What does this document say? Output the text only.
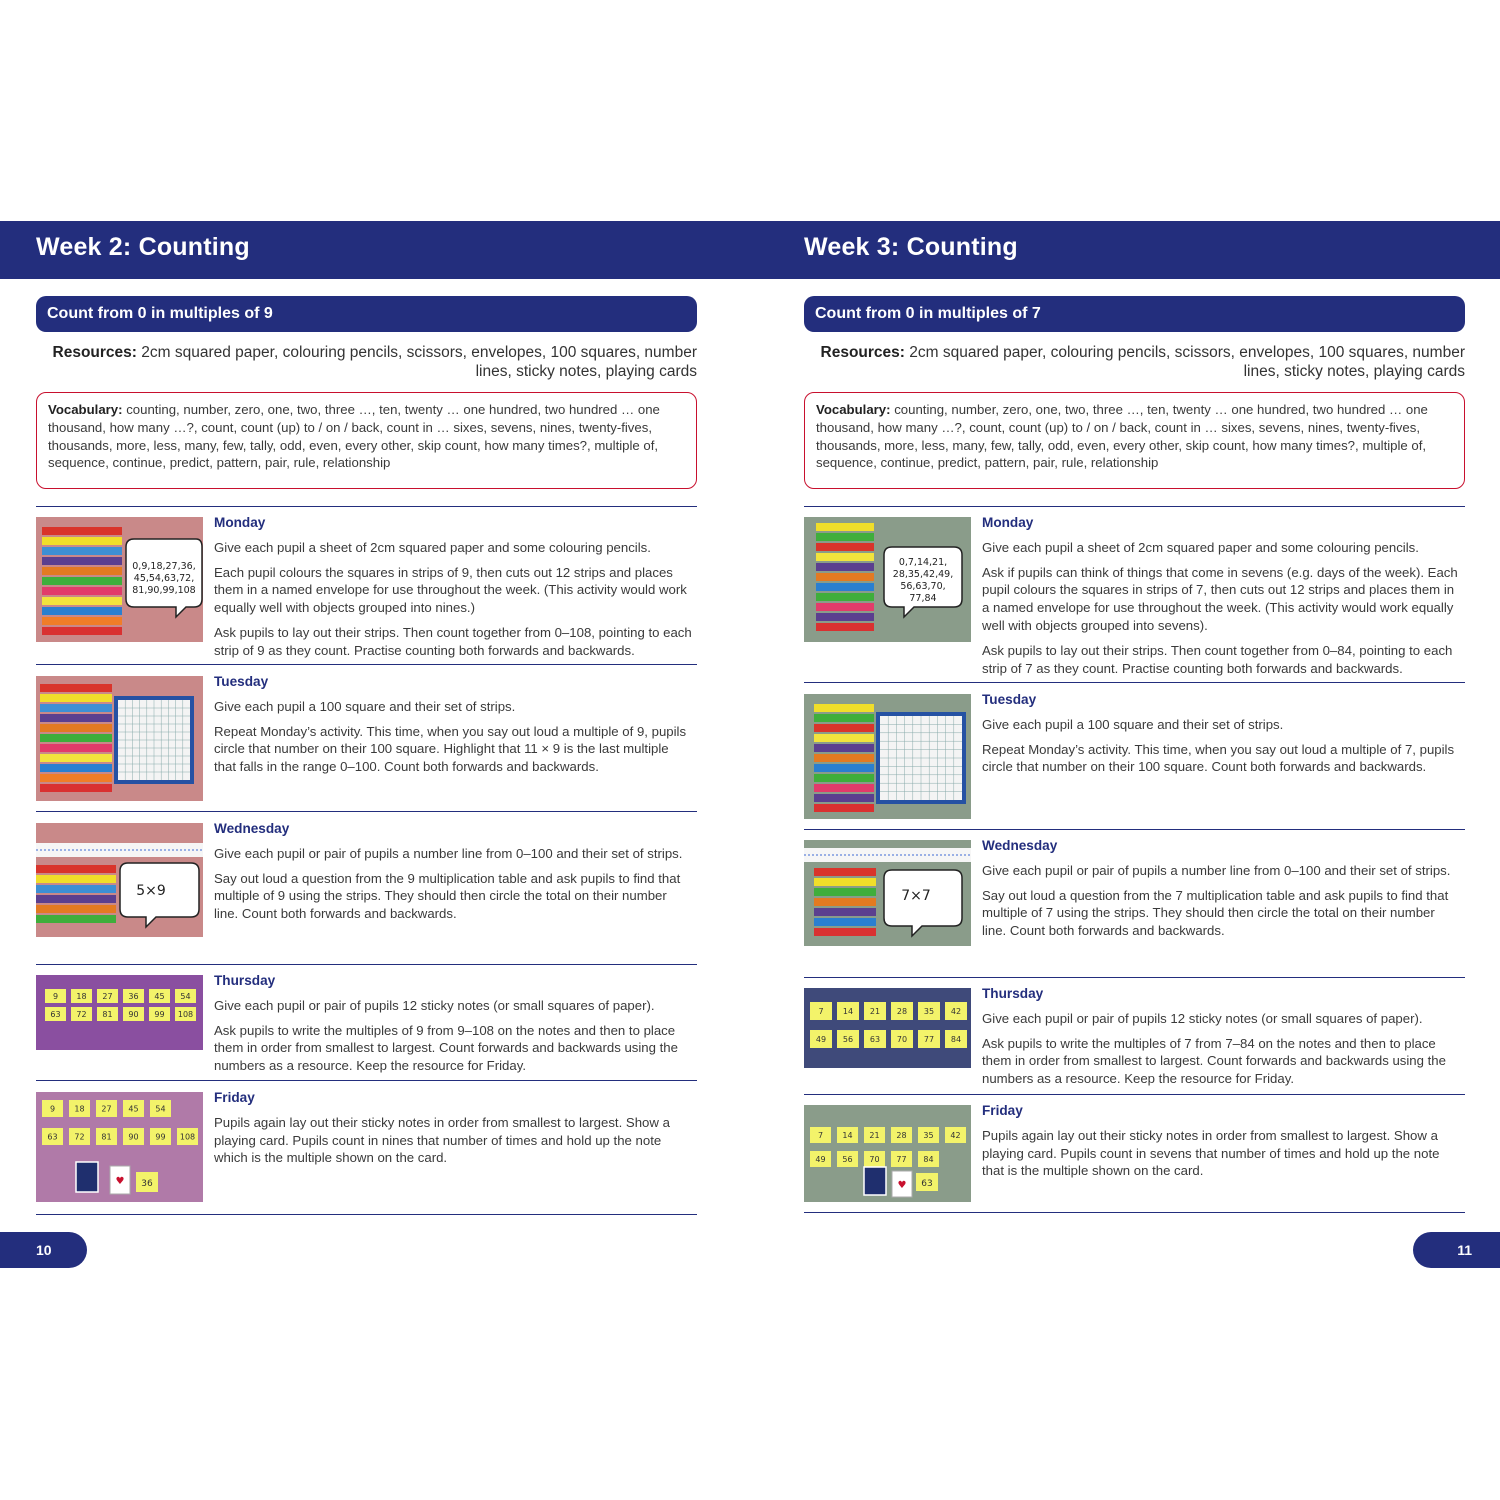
Week 2: Counting
Count from 0 in multiples of 9
Resources: 2cm squared paper, colouring pencils, scissors, envelopes, 100 squares, number lines, sticky notes, playing cards
Vocabulary: counting, number, zero, one, two, three …, ten, twenty … one hundred, two hundred … one thousand, how many …?, count, count (up) to / on / back, count in … sixes, sevens, nines, twenty-fives, thousands, more, less, many, few, tally, odd, even, every other, skip count, how many times?, multiple of, sequence, continue, predict, pattern, pair, rule, relationship
0,9,18,27,36,
45,54,63,72,
81,90,99,108
Monday

Give each pupil a sheet of 2cm squared paper and some colouring pencils.

Each pupil colours the squares in strips of 9, then cuts out 12 strips and places them in a named envelope for use throughout the week. (This activity would work equally well with objects grouped into nines.)

Ask pupils to lay out their strips. Then count together from 0–108, pointing to each strip of 9 as they count. Practise counting both forwards and backwards.

Tuesday

Give each pupil a 100 square and their set of strips.

Repeat Monday’s activity. This time, when you say out loud a multiple of 9, pupils circle that number on their 100 square. Highlight that 11 × 9 is the last multiple that falls in the range 0–100. Count both forwards and backwards.

5×9
Wednesday

Give each pupil or pair of pupils a number line from 0–100 and their set of strips.

Say out loud a question from the 9 multiplication table and ask pupils to find that multiple of 9 using the strips. They should then circle the total on their number line. Count both forwards and backwards.

9 18 27 36 45 54
63 72 81 90 99 108
Thursday

Give each pupil or pair of pupils 12 sticky notes (or small squares of paper).

Ask pupils to write the multiples of 9 from 9–108 on the notes and then to place them in order from smallest to largest. Count forwards and backwards using the numbers as a resource. Keep the resource for Friday.

9 18 27 45 54
63 72 81 90 99 108
♥ 36
Friday

Pupils again lay out their sticky notes in order from smallest to largest. Show a playing card. Pupils count in nines that number of times and hold up the note which is the multiple shown on the card.

Week 3: Counting
Count from 0 in multiples of 7
Resources: 2cm squared paper, colouring pencils, scissors, envelopes, 100 squares, number lines, sticky notes, playing cards
Vocabulary: counting, number, zero, one, two, three …, ten, twenty … one hundred, two hundred … one thousand, how many …?, count, count (up) to / on / back, count in … sixes, sevens, nines, twenty-fives, thousands, more, less, many, few, tally, odd, even, every other, skip count, how many times?, multiple of, sequence, continue, predict, pattern, pair, rule, relationship
0,7,14,21,
28,35,42,49,
56,63,70,
77,84
Monday

Give each pupil a sheet of 2cm squared paper and some colouring pencils.

Ask if pupils can think of things that come in sevens (e.g. days of the week). Each pupil colours the squares in strips of 7, then cuts out 12 strips and places them in a named envelope for use throughout the week. (This activity would work equally well with objects grouped into sevens).

Ask pupils to lay out their strips. Then count together from 0–84, pointing to each strip of 7 as they count. Practise counting both forwards and backwards.

Tuesday

Give each pupil a 100 square and their set of strips.

Repeat Monday’s activity. This time, when you say out loud a multiple of 7, pupils circle that number on their 100 square. Count both forwards and backwards.

7×7
Wednesday

Give each pupil or pair of pupils a number line from 0–100 and their set of strips.

Say out loud a question from the 7 multiplication table and ask pupils to find that multiple of 7 using the strips. They should then circle the total on their number line. Count both forwards and backwards.

7 14 21 28 35 42
49 56 63 70 77 84
Thursday

Give each pupil or pair of pupils 12 sticky notes (or small squares of paper).

Ask pupils to write the multiples of 7 from 7–84 on the notes and then to place them in order from smallest to largest. Count forwards and backwards using the numbers as a resource. Keep the resource for Friday.

7 14 21 28 35 42
49 56 70 77 84
♥ 63
Friday

Pupils again lay out their sticky notes in order from smallest to largest. Show a playing card. Pupils count in sevens that number of times and hold up the note that is the multiple shown on the card.

10	11
